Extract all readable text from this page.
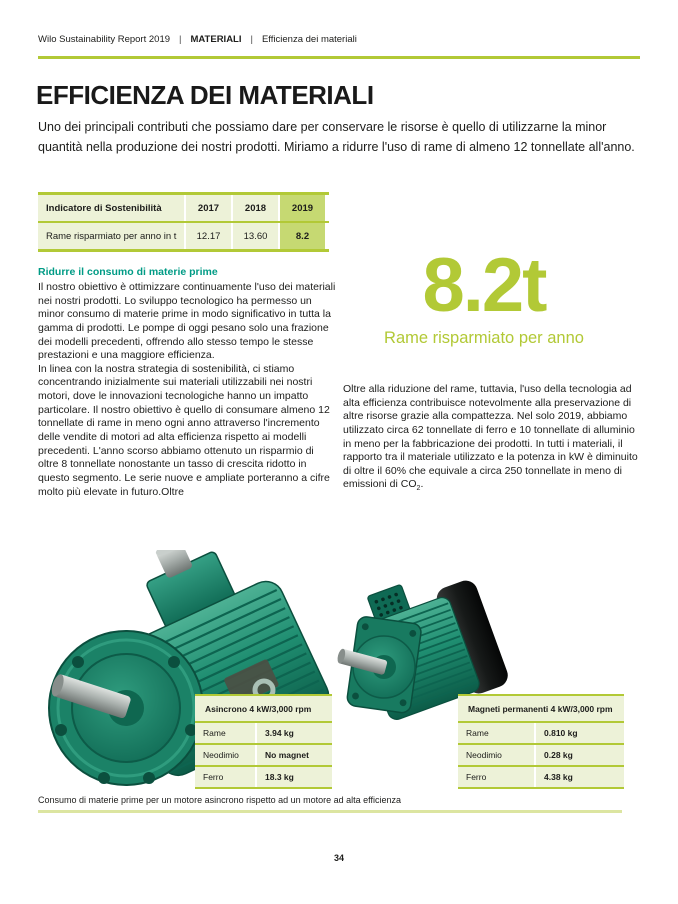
Wilo Sustainability Report 2019 | MATERIALI | Efficienza dei materiali
EFFICIENZA DEI MATERIALI
Uno dei principali contributi che possiamo dare per conservare le risorse è quello di utilizzarne la minor quantità nella produzione dei nostri prodotti. Miriamo a ridurre l'uso di rame di almeno 12 tonnellate all'anno.
Indicatore di Sostenibilità	2017	2018	2019
Rame risparmiato per anno in t	12.17	13.60	8.2
Ridurre il consumo di materie prime

Il nostro obiettivo è ottimizzare continuamente l'uso dei materiali nei nostri prodotti. Lo sviluppo tecnologico ha permesso un minor consumo di materie prime in modo significativo in tutta la gamma di prodotti. Le pompe di oggi pesano solo una frazione dei modelli precedenti, offrendo allo stesso tempo le stesse prestazioni e una maggiore efficienza.

In linea con la nostra strategia di sostenibilità, ci stiamo concentrando inizialmente sui materiali utilizzabili nei nostri motori, dove le innovazioni tecnologiche hanno un impatto particolare. Il nostro obiettivo è quello di consumare almeno 12 tonnellate di rame in meno ogni anno attraverso l'incremento delle vendite di motori ad alta efficienza rispetto ai modelli precedenti. L'anno scorso abbiamo ottenuto un risparmio di oltre 8 tonnellate nonostante un tasso di crescita ridotto in questo segmento. Le serie nuove e ampliate porteranno a cifre molto più elevate in futuro.Oltre

8.2t
Rame risparmiato per anno

Oltre alla riduzione del rame, tuttavia, l'uso della tecnologia ad alta efficienza contribuisce notevolmente alla preservazione di altre risorse grazie alla compattezza. Nel solo 2019, abbiamo utilizzato circa 62 tonnellate di ferro e 10 tonnellate di alluminio in meno per la fabbricazione dei prodotti. In tutti i materiali, il rapporto tra il materiale utilizzato e la potenza in kW è diminuito di oltre il 60% che equivale a circa 250 tonnellate in meno di emissioni di $CO_2$.

Asincrono 4 kW/3,000 rpm
Rame	3.94 kg
Neodimio	No magnet
Ferro	18.3 kg
Magneti permanenti 4 kW/3,000 rpm
Rame	0.810 kg
Neodimio	0.28 kg
Ferro	4.38 kg
Consumo di materie prime per un motore asincrono rispetto ad un motore ad alta efficienza
34
